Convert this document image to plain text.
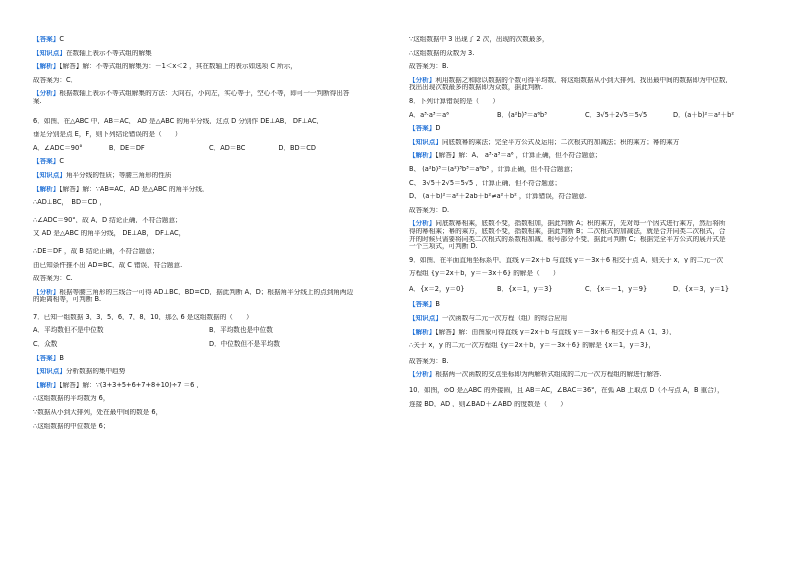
【答案】C
【知识点】在数轴上表示不等式组的解集
【解析】【解答】解：不等式组的解集为：－1＜x＜2 ，其在数轴上的表示如选项 C 所示，
故答案为：C．
【分析】根据数轴上表示不等式组解集的方法：大向右，小向左，实心等于，空心不等，即可一一判断得出答
案.
6．如图，在△ABC 中，AB＝AC， AD 是△ABC 的角平分线，过点 D 分别作 DE⊥AB， DF⊥AC，
垂足分别是点 E，F，则下列结论错误的是（　　）
A．∠ADC＝90°　　　　B．DE＝DF	C．AD＝BC　　　　　D．BD＝CD
【答案】C
【知识点】角平分线的性质；等腰三角形的性质
【解析】【解答】解：∵AB=AC，AD 是△ABC 的角平分线，
∴AD⊥BC，　BD＝CD ，
∴∠ADC＝90°，故 A，D 结论正确，不符合题意；
又 AD 是△ABC 的角平分线， DE⊥AB， DF⊥AC，
∴DE＝DF ，故 B 结论正确，不符合题意；
由已知条件推不出 AD=BC，故 C 错误，符合题意.
故答案为：C.
【分析】根据等腰三角形的三线合一可得 AD⊥BC，BD=CD，据此判断 A、D；根据角平分线上的点到角两边
的距离相等，可判断 B.
7．已知一组数据 3，3，5，6，7，8，10，那么 6 是这组数据的（　　）
A．平均数但不是中位数	B．平均数也是中位数
C．众数	D．中位数但不是平均数
【答案】B
【知识点】分析数据的集中趋势
【解析】【解答】解：∵(3+3+5+6+7+8+10)÷7 ＝6 ，
∴这组数据的平均数为 6，
∵数据从小到大排列，处在最中间的数是 6，
∴这组数据的中位数是 6；
∵这组数据中 3 出现了 2 次，出现的次数最多，
∴这组数据的众数为 3.
故答案为：B.
【分析】利用数据之和除以数据的个数可得平均数，将这组数据从小到大排列，找出最中间的数据即为中位数，
找出出现次数最多的数据即为众数，据此判断.
8．下列计算错误的是（　　）
A．a³·a³＝a⁶	B．(a²b)³＝a⁶b³	C．3√5＋2√5＝5√5	D．(a＋b)²＝a²＋b²
【答案】D
【知识点】同底数幂的乘法；完全平方公式及运用；二次根式的加减法；积的乘方；幂的乘方
【解析】【解答】解：A、 a³·a³＝a⁶ ，计算正确，但不符合题意；
B、 (a²b)³＝(a²)³b³＝a⁶b³ ，计算正确，但不符合题意；
C、 3√5＋2√5＝5√5 ，计算正确，但不符合题意；
D、 (a＋b)²＝a²＋2ab＋b²≠a²＋b² ，计算错误，符合题意.
故答案为：D.
【分析】同底数幂相乘，底数不变，指数相加，据此判断 A；积的乘方，先对每一个因式进行乘方，然后将所
得的幂相乘；幂的乘方，底数不变，指数相乘，据此判断 B；二次根式的加减法，就是合并同类二次根式，合
并的时候只需要将同类二次根式的系数相加减，根号部分不变，据此可判断 C；根据完全平方公式的展开式是
一个三项式，可判断 D.
9．如图，在平面直角坐标系中，直线 y＝2x＋b 与直线 y＝－3x＋6 相交于点 A，则关于 x，y 的二元一次
方程组 {y＝2x＋b，y＝－3x＋6} 的解是（　　）
A．{x＝2，y＝0}	B．{x＝1，y＝3}	C．{x＝－1，y＝9}	D．{x＝3，y＝1}
【答案】B
【知识点】一次函数与二元一次方程（组）的综合应用
【解析】【解答】解：由图象可得直线 y＝2x＋b 与直线 y＝－3x＋6 相交于点 A（1，3），
∴关于 x，y 的二元一次方程组 {y＝2x＋b，y＝－3x＋6} 的解是 {x＝1，y＝3}，
故答案为：B.
【分析】根据两一次函数的交点坐标即为两解析式组成的二元一次方程组的解进行解答.
10．如图，⊙O 是△ABC 的外接圆，且 AB＝AC，∠BAC＝36°，在弧 AB 上取点 D（不与点 A，B 重合），
连接 BD，AD ，则∠BAD＋∠ABD 的度数是（　　）
